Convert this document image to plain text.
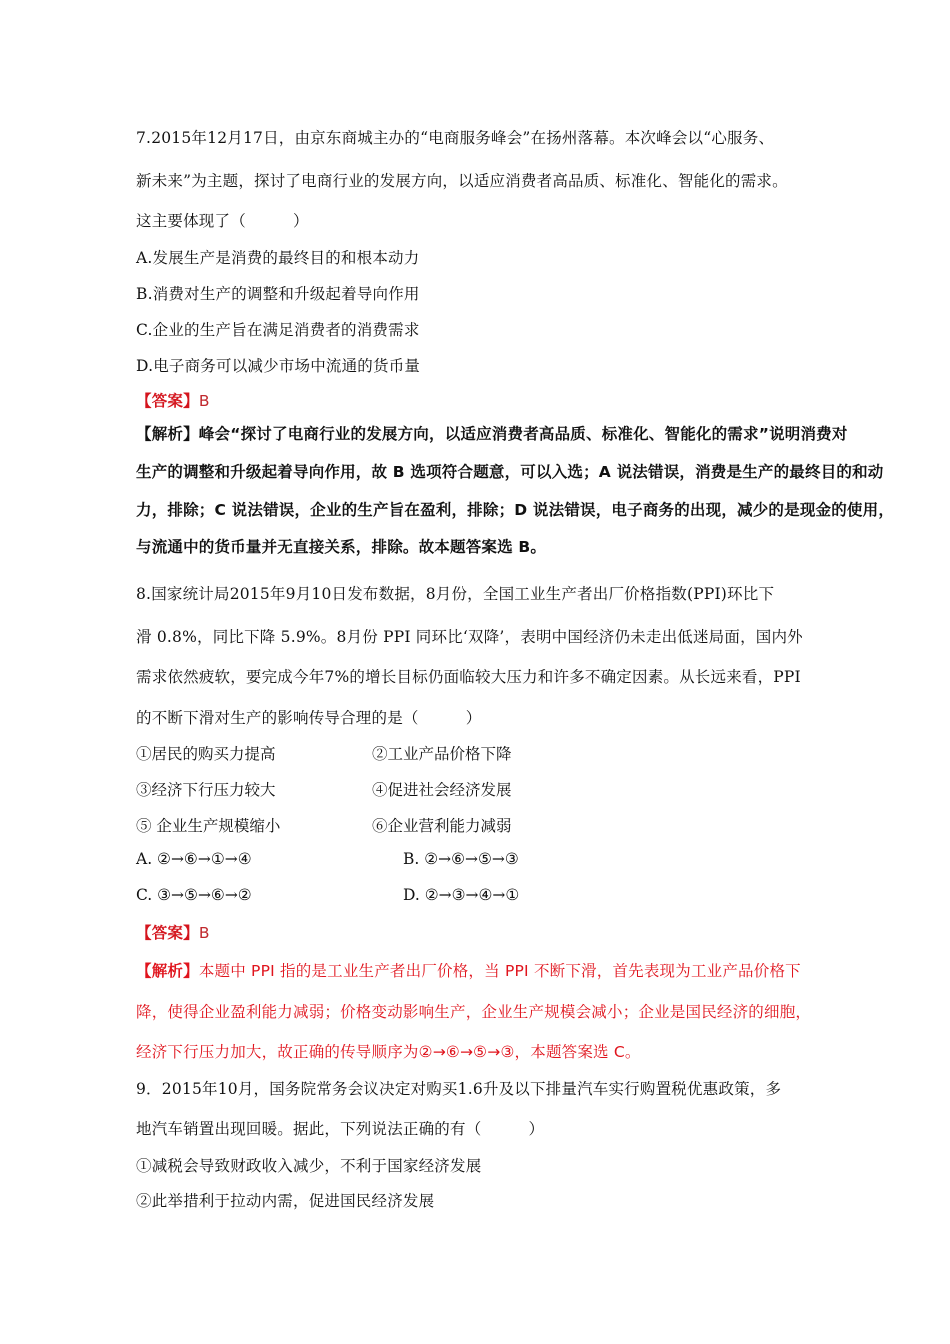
7.2015年12月17日，由京东商城主办的“电商服务峰会”在扬州落幕。本次峰会以“心服务、
新未来”为主题，探讨了电商行业的发展方向，以适应消费者高品质、标准化、智能化的需求。
这主要体现了（　　　）
A.发展生产是消费的最终目的和根本动力
B.消费对生产的调整和升级起着导向作用
C.企业的生产旨在满足消费者的消费需求
D.电子商务可以减少市场中流通的货币量
【答案】B
【解析】峰会“探讨了电商行业的发展方向，以适应消费者高品质、标准化、智能化的需求”说明消费对
生产的调整和升级起着导向作用，故 B 选项符合题意，可以入选；A 说法错误，消费是生产的最终目的和动
力，排除；C 说法错误，企业的生产旨在盈利，排除；D 说法错误，电子商务的出现，减少的是现金的使用，
与流通中的货币量并无直接关系，排除。故本题答案选 B。
8.国家统计局2015年9月10日发布数据，8月份，全国工业生产者出厂价格指数(PPI)环比下
滑 0.8%，同比下降 5.9%。8月份 PPI 同环比‘双降’，表明中国经济仍未走出低迷局面，国内外
需求依然疲软，要完成今年7%的增长目标仍面临较大压力和许多不确定因素。从长远来看，PPI
的不断下滑对生产的影响传导合理的是（　　　）
①居民的购买力提高	②工业产品价格下降
③经济下行压力较大	④促进社会经济发展
⑤ 企业生产规模缩小	⑥企业营利能力减弱
A. ②→⑥→①→④	B. ②→⑥→⑤→③
C. ③→⑤→⑥→②	D. ②→③→④→①
【答案】B
【解析】本题中 PPI 指的是工业生产者出厂价格，当 PPI 不断下滑，首先表现为工业产品价格下
降，使得企业盈利能力减弱；价格变动影响生产，企业生产规模会减小；企业是国民经济的细胞，
经济下行压力加大，故正确的传导顺序为②→⑥→⑤→③，本题答案选 C。
9．2015年10月，国务院常务会议决定对购买1.6升及以下排量汽车实行购置税优惠政策，多
地汽车销置出现回暖。据此，下列说法正确的有（　　　）
①减税会导致财政收入减少，不利于国家经济发展
②此举措利于拉动内需，促进国民经济发展
